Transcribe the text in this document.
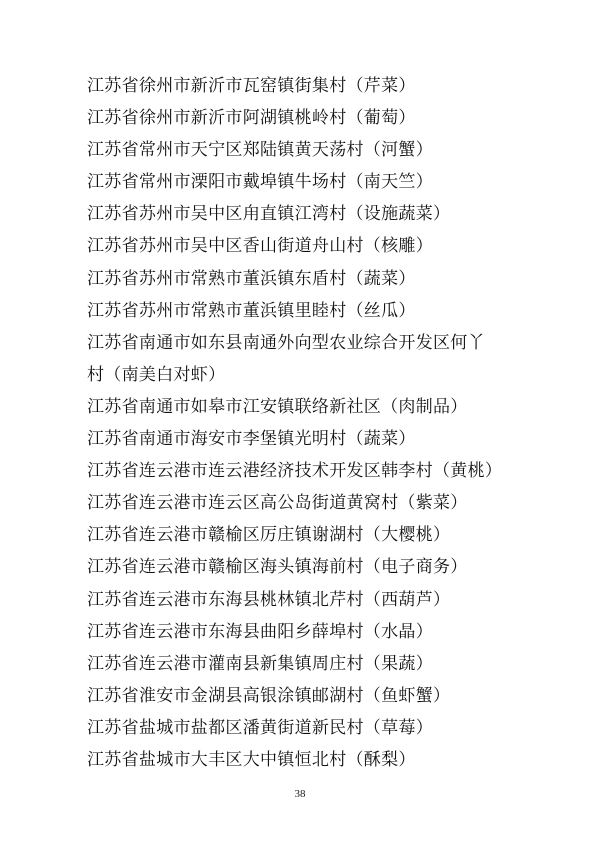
江苏省徐州市新沂市瓦窑镇街集村（芹菜）
江苏省徐州市新沂市阿湖镇桃岭村（葡萄）
江苏省常州市天宁区郑陆镇黄天荡村（河蟹）
江苏省常州市溧阳市戴埠镇牛场村（南天竺）
江苏省苏州市吴中区甪直镇江湾村（设施蔬菜）
江苏省苏州市吴中区香山街道舟山村（核雕）
江苏省苏州市常熟市董浜镇东盾村（蔬菜）
江苏省苏州市常熟市董浜镇里睦村（丝瓜）
江苏省南通市如东县南通外向型农业综合开发区何丫
村（南美白对虾）
江苏省南通市如皋市江安镇联络新社区（肉制品）
江苏省南通市海安市李堡镇光明村（蔬菜）
江苏省连云港市连云港经济技术开发区韩李村（黄桃）
江苏省连云港市连云区高公岛街道黄窝村（紫菜）
江苏省连云港市赣榆区厉庄镇谢湖村（大樱桃）
江苏省连云港市赣榆区海头镇海前村（电子商务）
江苏省连云港市东海县桃林镇北芹村（西葫芦）
江苏省连云港市东海县曲阳乡薛埠村（水晶）
江苏省连云港市灌南县新集镇周庄村（果蔬）
江苏省淮安市金湖县高银涂镇邮湖村（鱼虾蟹）
江苏省盐城市盐都区潘黄街道新民村（草莓）
江苏省盐城市大丰区大中镇恒北村（酥梨）
38
